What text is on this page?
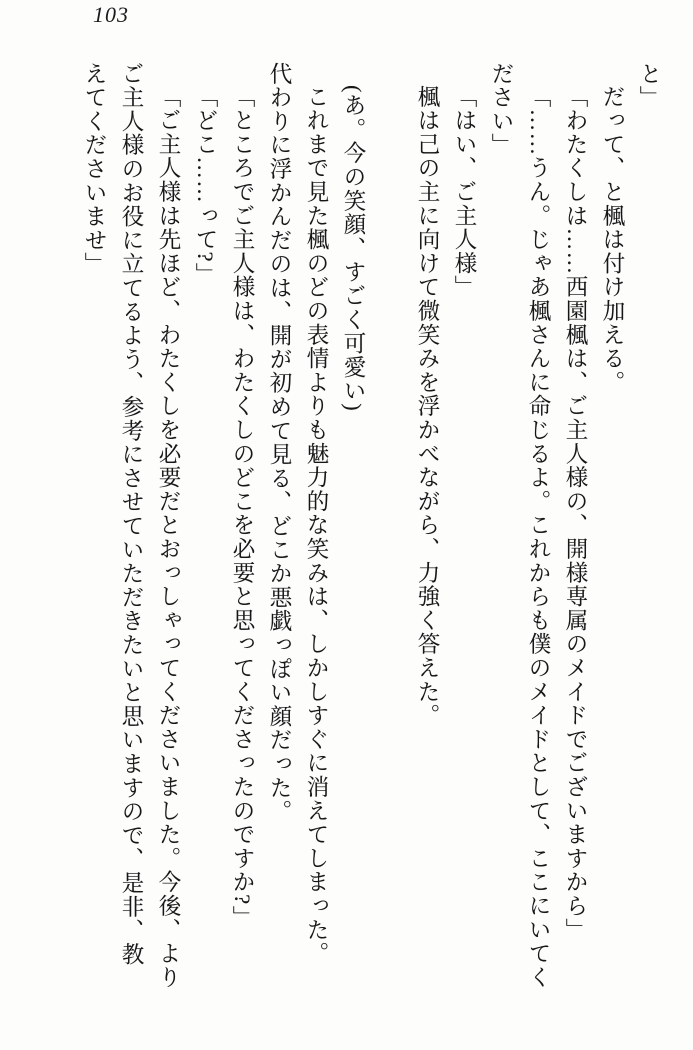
103
と」
だって、と楓は付け加える。
「わたくしは……西園楓は、ご主人様の、開様専属のメイドでございますから」
「……うん。じゃあ楓さんに命じるよ。これからも僕のメイドとして、ここにいてく
ださい」
「はい、ご主人様」
楓は己の主に向けて微笑みを浮かべながら、力強く答えた。

(あ。今の笑顔、すごく可愛い)
これまで見た楓のどの表情よりも魅力的な笑みは、しかしすぐに消えてしまった。
代わりに浮かんだのは、開が初めて見る、どこか悪戯っぽい顔だった。
「ところでご主人様は、わたくしのどこを必要と思ってくださったのですか?」
「どこ……って?」
「ご主人様は先ほど、わたくしを必要だとおっしゃってくださいました。今後、より
ご主人様のお役に立てるよう、参考にさせていただきたいと思いますので、是非、教
えてくださいませ」
